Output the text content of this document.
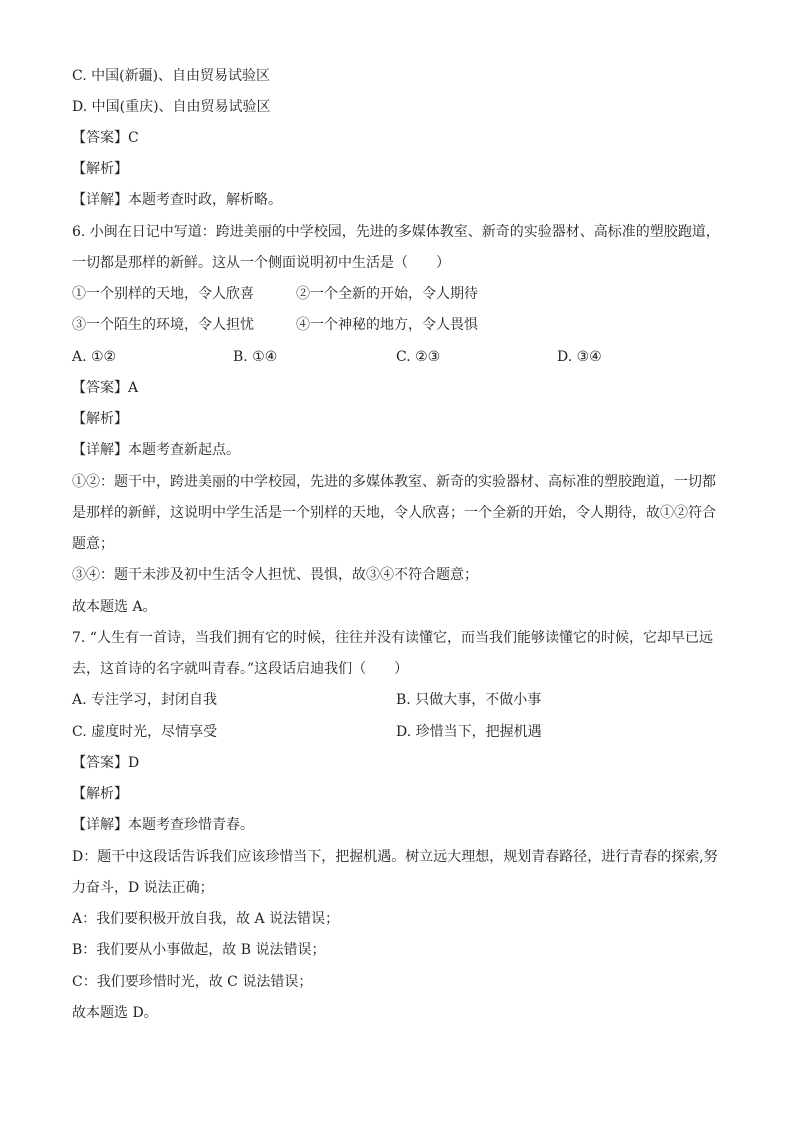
C. 中国(新疆)、自由贸易试验区
D. 中国(重庆)、自由贸易试验区
【答案】C
【解析】
【详解】本题考查时政，解析略。
6. 小闽在日记中写道：跨进美丽的中学校园，先进的多媒体教室、新奇的实验器材、高标准的塑胶跑道，
一切都是那样的新鲜。这从一个侧面说明初中生活是（　　）
①一个别样的天地，令人欣喜	②一个全新的开始，令人期待
③一个陌生的环境，令人担忧	④一个神秘的地方，令人畏惧
A. ①②	B. ①④	C. ②③	D. ③④
【答案】A
【解析】
【详解】本题考查新起点。
①②：题干中，跨进美丽的中学校园，先进的多媒体教室、新奇的实验器材、高标准的塑胶跑道，一切都
是那样的新鲜，这说明中学生活是一个别样的天地，令人欣喜；一个全新的开始，令人期待，故①②符合
题意；
③④：题干未涉及初中生活令人担忧、畏惧，故③④不符合题意；
故本题选 A。
7. “人生有一首诗，当我们拥有它的时候，往往并没有读懂它，而当我们能够读懂它的时候，它却早已远
去，这首诗的名字就叫青春。”这段话启迪我们（　　）
A. 专注学习，封闭自我	B. 只做大事，不做小事
C. 虚度时光，尽情享受	D. 珍惜当下，把握机遇
【答案】D
【解析】
【详解】本题考查珍惜青春。
D：题干中这段话告诉我们应该珍惜当下，把握机遇。树立远大理想，规划青春路径，进行青春的探索,努
力奋斗，D 说法正确；
A：我们要积极开放自我，故 A 说法错误；
B：我们要从小事做起，故 B 说法错误；
C：我们要珍惜时光，故 C 说法错误；
故本题选 D。
